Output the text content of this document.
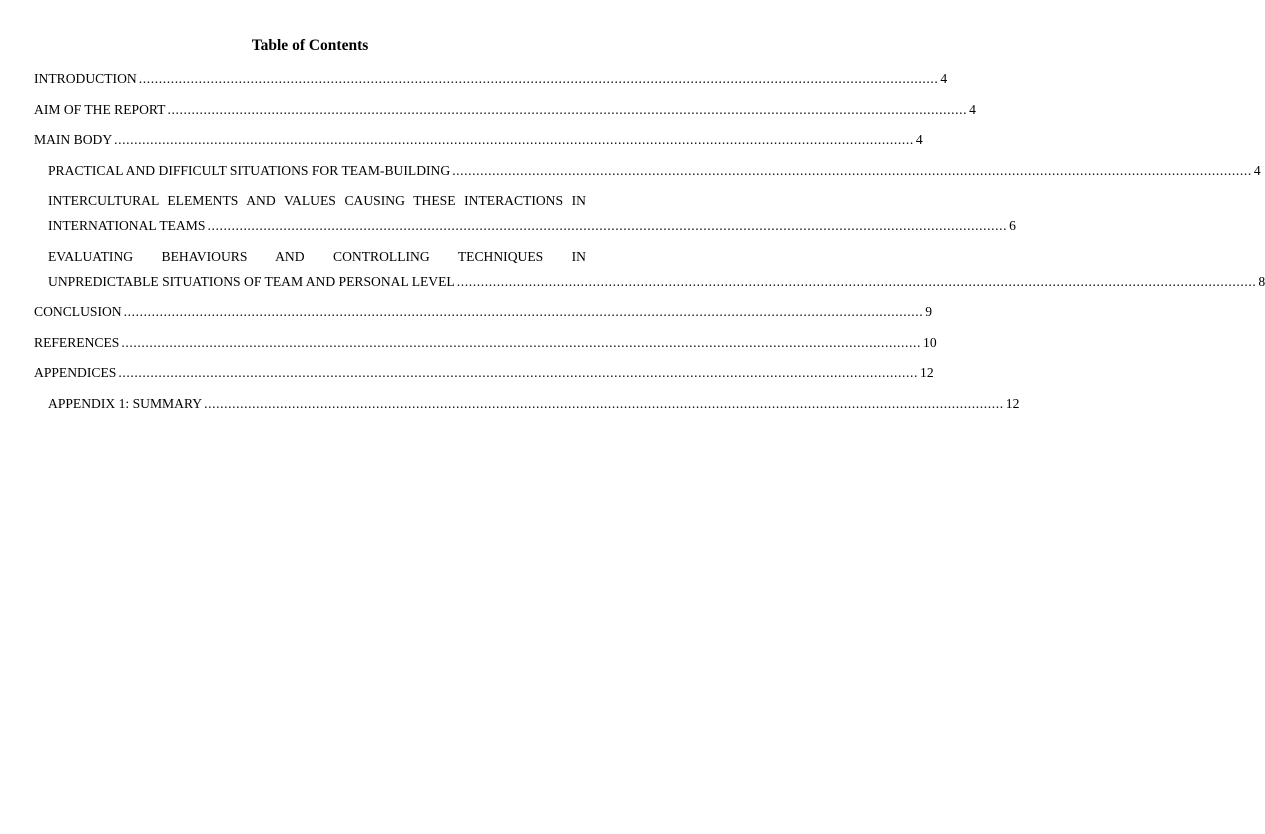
Table of Contents
INTRODUCTION ........................................................................................................................................................................................................ 4
AIM OF THE REPORT ........................................................................................................................................................................................................ 4
MAIN BODY ........................................................................................................................................................................................................ 4
PRACTICAL AND DIFFICULT SITUATIONS FOR TEAM-BUILDING ........................................................................................................................................................................................................ 4
INTERCULTURAL ELEMENTS AND VALUES CAUSING THESE INTERACTIONS IN
INTERNATIONAL TEAMS ........................................................................................................................................................................................................ 6
EVALUATING BEHAVIOURS AND CONTROLLING TECHNIQUES IN
UNPREDICTABLE SITUATIONS OF TEAM AND PERSONAL LEVEL ........................................................................................................................................................................................................ 8
CONCLUSION ........................................................................................................................................................................................................ 9
REFERENCES ........................................................................................................................................................................................................ 10
APPENDICES ........................................................................................................................................................................................................ 12
APPENDIX 1: SUMMARY ........................................................................................................................................................................................................ 12
